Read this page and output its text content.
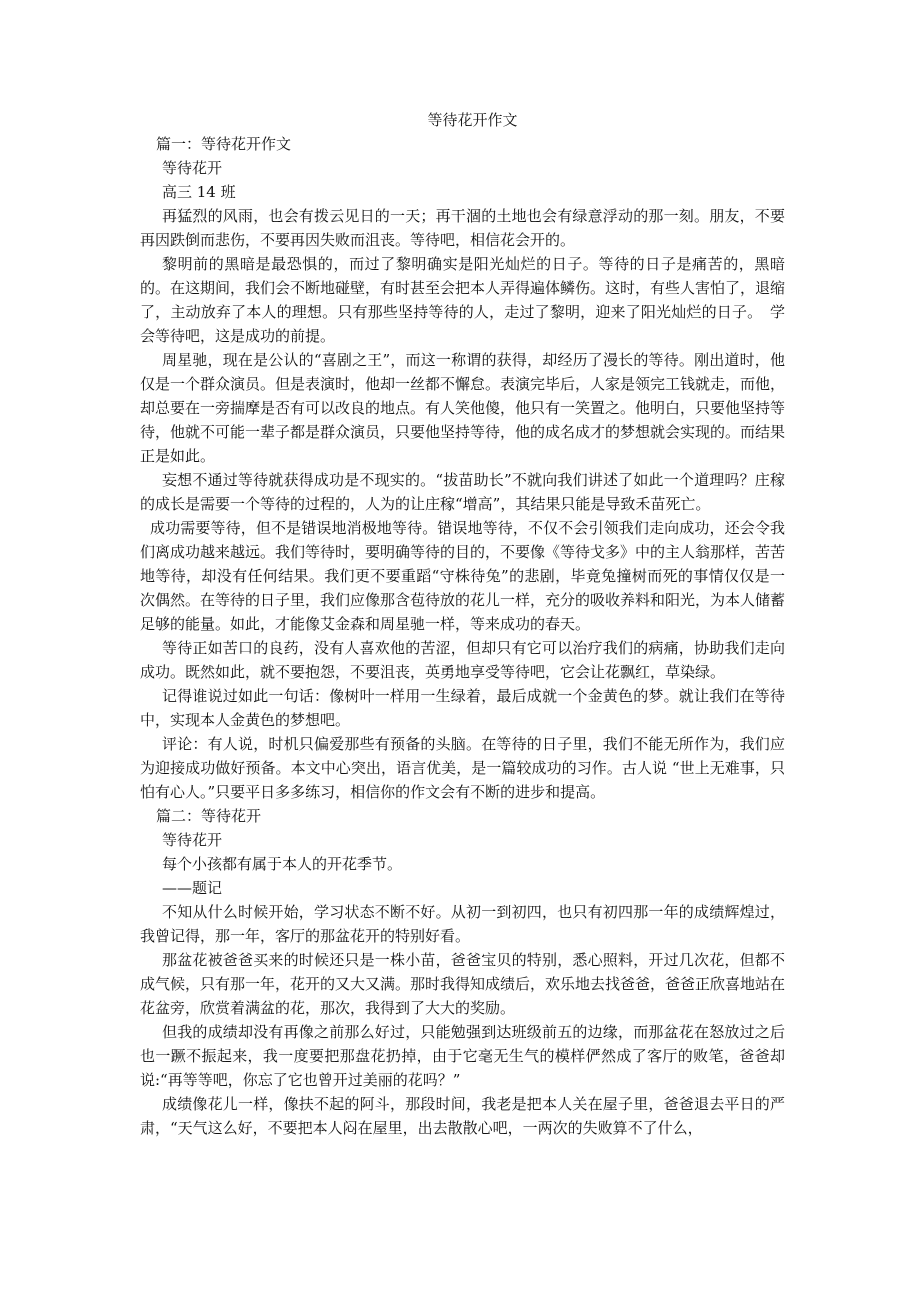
等待花开作文

篇一：等待花开作文

等待花开

高三 14 班

再猛烈的风雨，也会有拨云见日的一天；再干涸的土地也会有绿意浮动的那一刻。朋友，不要再因跌倒而悲伤，不要再因失败而沮丧。等待吧，相信花会开的。

黎明前的黑暗是最恐惧的，而过了黎明确实是阳光灿烂的日子。等待的日子是痛苦的，黑暗的。在这期间，我们会不断地碰壁，有时甚至会把本人弄得遍体鳞伤。这时，有些人害怕了，退缩了，主动放弃了本人的理想。只有那些坚持等待的人，走过了黎明，迎来了阳光灿烂的日子。　学会等待吧，这是成功的前提。

周星驰，现在是公认的“喜剧之王”，而这一称谓的获得，却经历了漫长的等待。刚出道时，他仅是一个群众演员。但是表演时，他却一丝都不懈怠。表演完毕后，人家是领完工钱就走，而他，却总要在一旁揣摩是否有可以改良的地点。有人笑他傻，他只有一笑置之。他明白，只要他坚持等待，他就不可能一辈子都是群众演员，只要他坚持等待，他的成名成才的梦想就会实现的。而结果正是如此。

妄想不通过等待就获得成功是不现实的。“拔苗助长”不就向我们讲述了如此一个道理吗？庄稼的成长是需要一个等待的过程的，人为的让庄稼“增高”，其结果只能是导致禾苗死亡。

成功需要等待，但不是错误地消极地等待。错误地等待，不仅不会引领我们走向成功，还会令我们离成功越来越远。我们等待时，要明确等待的目的，不要像《等待戈多》中的主人翁那样，苦苦地等待，却没有任何结果。我们更不要重蹈“守株待兔”的悲剧，毕竟兔撞树而死的事情仅仅是一次偶然。在等待的日子里，我们应像那含苞待放的花儿一样，充分的吸收养料和阳光，为本人储蓄足够的能量。如此，才能像艾金森和周星驰一样，等来成功的春天。

等待正如苦口的良药，没有人喜欢他的苦涩，但却只有它可以治疗我们的病痛，协助我们走向成功。既然如此，就不要抱怨，不要沮丧，英勇地享受等待吧，它会让花飘红，草染绿。

记得谁说过如此一句话：像树叶一样用一生绿着，最后成就一个金黄色的梦。就让我们在等待中，实现本人金黄色的梦想吧。

评论：有人说，时机只偏爱那些有预备的头脑。在等待的日子里，我们不能无所作为，我们应为迎接成功做好预备。本文中心突出，语言优美，是一篇较成功的习作。古人说 “世上无难事，只怕有心人。”只要平日多多练习，相信你的作文会有不断的进步和提高。

篇二：等待花开

等待花开

每个小孩都有属于本人的开花季节。

——题记

不知从什么时候开始，学习状态不断不好。从初一到初四，也只有初四那一年的成绩辉煌过，我曾记得，那一年，客厅的那盆花开的特别好看。

那盆花被爸爸买来的时候还只是一株小苗，爸爸宝贝的特别，悉心照料，开过几次花，但都不成气候，只有那一年，花开的又大又满。那时我得知成绩后，欢乐地去找爸爸，爸爸正欣喜地站在花盆旁，欣赏着满盆的花，那次，我得到了大大的奖励。

但我的成绩却没有再像之前那么好过，只能勉强到达班级前五的边缘，而那盆花在怒放过之后也一蹶不振起来，我一度要把那盘花扔掉，由于它毫无生气的模样俨然成了客厅的败笔，爸爸却说:“再等等吧，你忘了它也曾开过美丽的花吗？”

成绩像花儿一样，像扶不起的阿斗，那段时间，我老是把本人关在屋子里，爸爸退去平日的严肃，“天气这么好，不要把本人闷在屋里，出去散散心吧，一两次的失败算不了什么，
